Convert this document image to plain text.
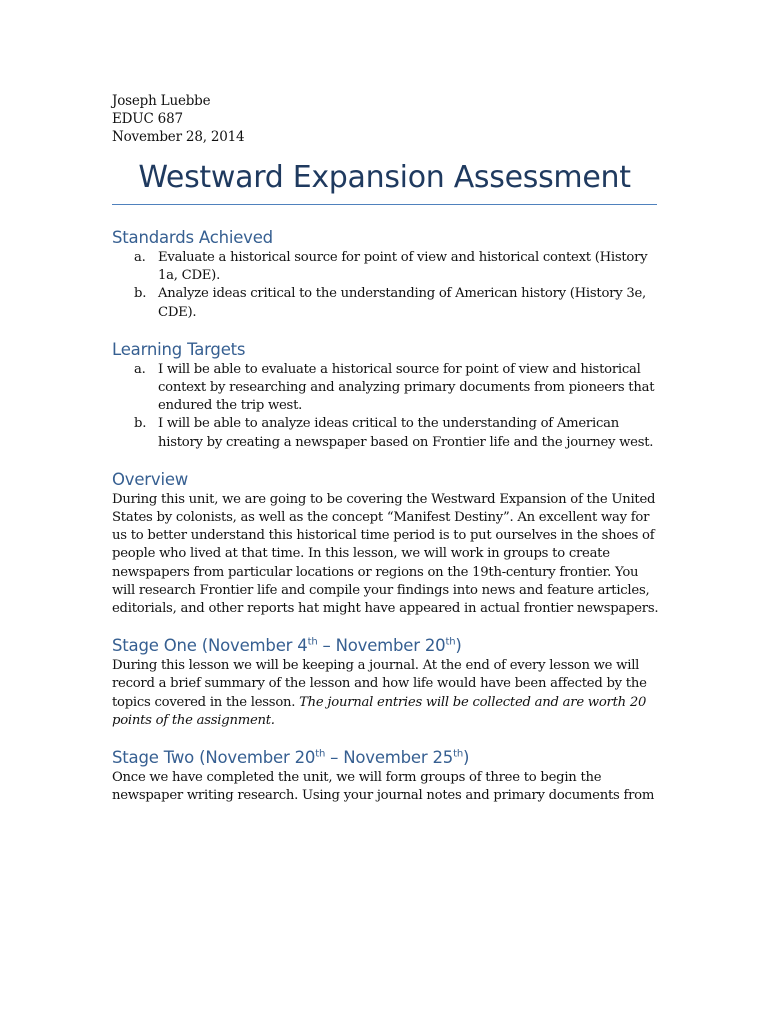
Joseph Luebbe
EDUC 687
November 28, 2014
Westward Expansion Assessment
Standards Achieved
a. Evaluate a historical source for point of view and historical context (History
1a, CDE).
b. Analyze ideas critical to the understanding of American history (History 3e,
CDE).
Learning Targets
a. I will be able to evaluate a historical source for point of view and historical
context by researching and analyzing primary documents from pioneers that
endured the trip west.
b. I will be able to analyze ideas critical to the understanding of American
history by creating a newspaper based on Frontier life and the journey west.
Overview
During this unit, we are going to be covering the Westward Expansion of the United
States by colonists, as well as the concept “Manifest Destiny”. An excellent way for
us to better understand this historical time period is to put ourselves in the shoes of
people who lived at that time. In this lesson, we will work in groups to create
newspapers from particular locations or regions on the 19th-century frontier. You
will research Frontier life and compile your findings into news and feature articles,
editorials, and other reports hat might have appeared in actual frontier newspapers.
Stage One (November 4th – November 20th)
During this lesson we will be keeping a journal. At the end of every lesson we will
record a brief summary of the lesson and how life would have been affected by the
topics covered in the lesson. The journal entries will be collected and are worth 20
points of the assignment.
Stage Two (November 20th – November 25th)
Once we have completed the unit, we will form groups of three to begin the
newspaper writing research. Using your journal notes and primary documents from
